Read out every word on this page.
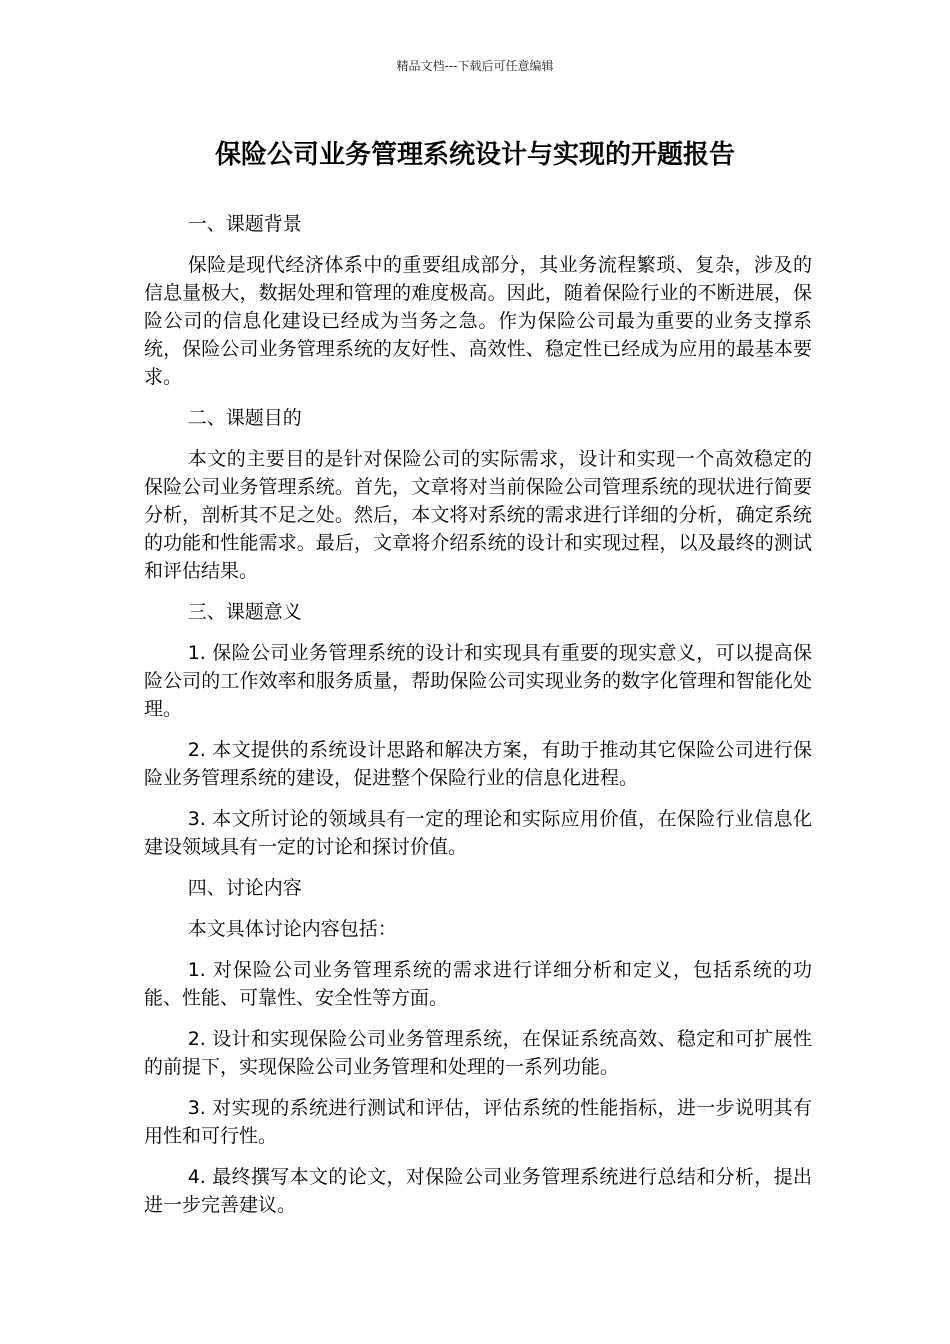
精品文档---下载后可任意编辑
保险公司业务管理系统设计与实现的开题报告

一、课题背景

保险是现代经济体系中的重要组成部分，其业务流程繁琐、复杂，涉及的信息量极大，数据处理和管理的难度极高。因此，随着保险行业的不断进展，保险公司的信息化建设已经成为当务之急。作为保险公司最为重要的业务支撑系统，保险公司业务管理系统的友好性、高效性、稳定性已经成为应用的最基本要求。

二、课题目的

本文的主要目的是针对保险公司的实际需求，设计和实现一个高效稳定的保险公司业务管理系统。首先，文章将对当前保险公司管理系统的现状进行简要分析，剖析其不足之处。然后，本文将对系统的需求进行详细的分析，确定系统的功能和性能需求。最后，文章将介绍系统的设计和实现过程，以及最终的测试和评估结果。

三、课题意义

1. 保险公司业务管理系统的设计和实现具有重要的现实意义，可以提高保险公司的工作效率和服务质量，帮助保险公司实现业务的数字化管理和智能化处理。

2. 本文提供的系统设计思路和解决方案，有助于推动其它保险公司进行保险业务管理系统的建设，促进整个保险行业的信息化进程。

3. 本文所讨论的领域具有一定的理论和实际应用价值，在保险行业信息化建设领域具有一定的讨论和探讨价值。

四、讨论内容

本文具体讨论内容包括：

1. 对保险公司业务管理系统的需求进行详细分析和定义，包括系统的功能、性能、可靠性、安全性等方面。

2. 设计和实现保险公司业务管理系统，在保证系统高效、稳定和可扩展性的前提下，实现保险公司业务管理和处理的一系列功能。

3. 对实现的系统进行测试和评估，评估系统的性能指标，进一步说明其有用性和可行性。

4. 最终撰写本文的论文，对保险公司业务管理系统进行总结和分析，提出进一步完善建议。
